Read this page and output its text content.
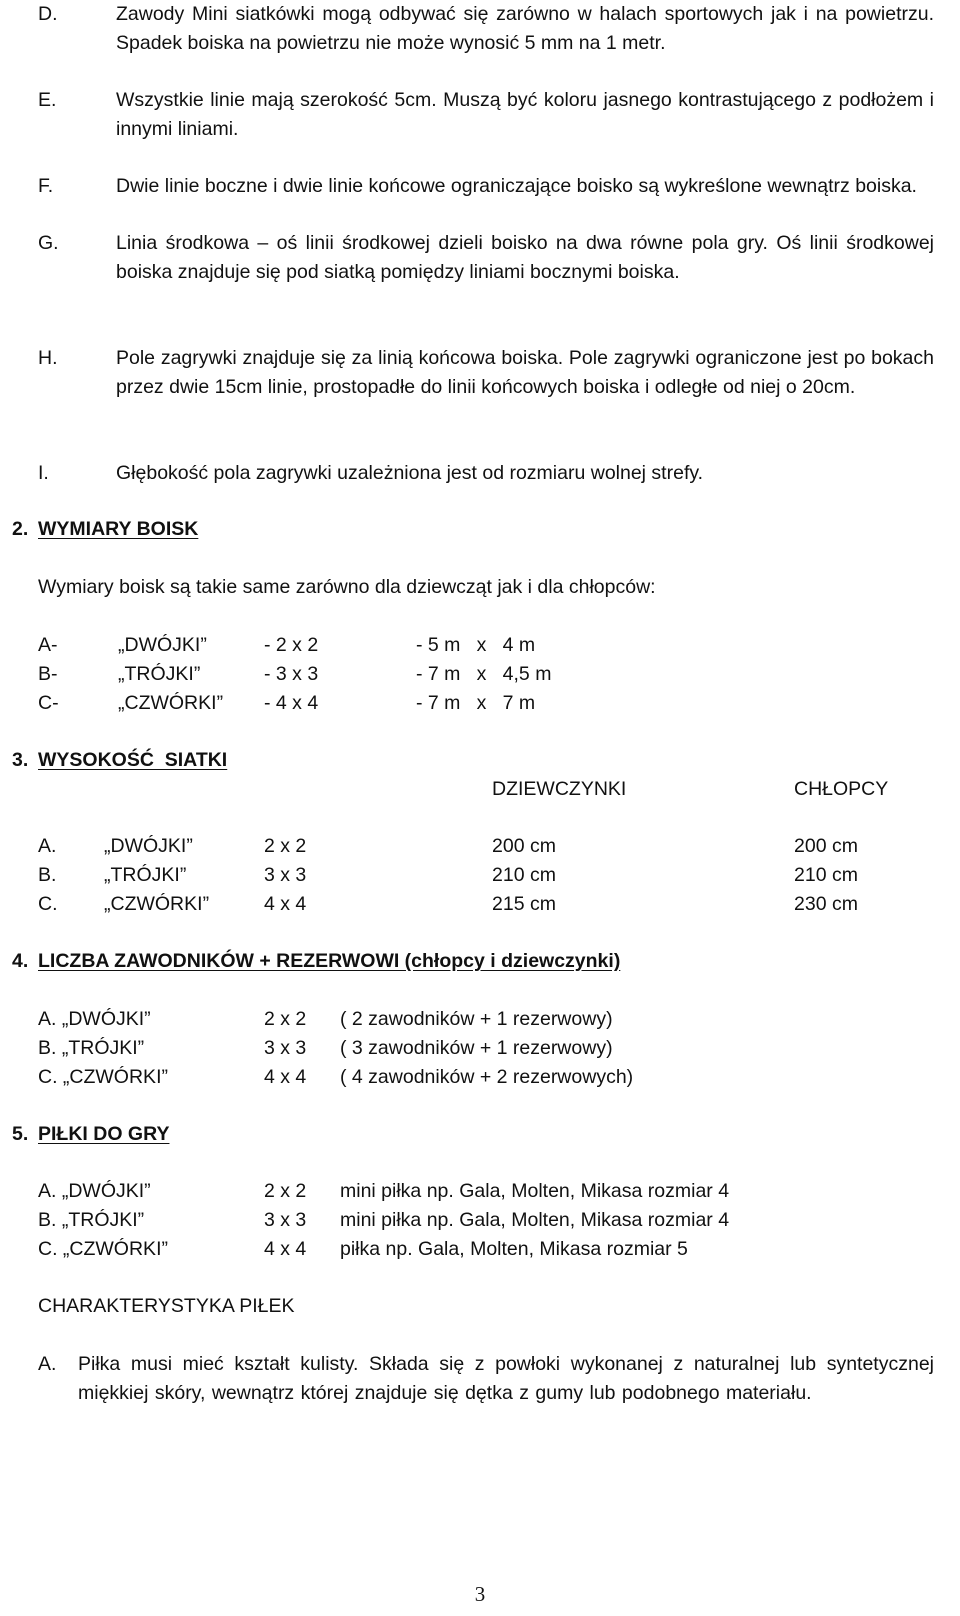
D.	Zawody Mini siatkówki mogą odbywać się zarówno w halach sportowych jak i na powietrzu. Spadek boiska na powietrzu nie może wynosić 5 mm na 1 metr.
E.	Wszystkie linie mają szerokość 5cm. Muszą być koloru jasnego kontrastującego z podłożem i innymi liniami.
F.	Dwie linie boczne i dwie linie końcowe ograniczające boisko są wykreślone wewnątrz boiska.
G.	Linia środkowa – oś linii środkowej dzieli boisko na dwa równe pola gry. Oś linii środkowej boiska znajduje się pod siatką pomiędzy liniami bocznymi boiska.
H.	Pole zagrywki znajduje się za linią końcowa boiska. Pole zagrywki ograniczone jest po bokach przez dwie 15cm linie, prostopadłe do linii końcowych boiska i odległe od niej o 20cm.
I.	Głębokość pola zagrywki uzależniona jest od rozmiaru wolnej strefy.
2. WYMIARY BOISK
Wymiary boisk są takie same zarówno dla dziewcząt jak i dla chłopców:
A-	„DWÓJKI”	- 2 x 2	- 5 m   x   4 m
B-	„TRÓJKI”	- 3 x 3	- 7 m   x   4,5 m
C-	„CZWÓRKI” - 4 x 4	- 7 m   x   7 m
3. WYSOKOŚĆ  SIATKI
DZIEWCZYNKI	CHŁOPCY
A. „DWÓJKI”	2 x 2	200 cm	200 cm
B. „TRÓJKI”	3 x 3	210 cm	210 cm
C. „CZWÓRKI”	4 x 4	215 cm	230 cm
4. LICZBA ZAWODNIKÓW + REZERWOWI (chłopcy i dziewczynki)
A. „DWÓJKI”	2 x 2 ( 2 zawodników + 1 rezerwowy)
B. „TRÓJKI”	3 x 3 ( 3 zawodników + 1 rezerwowy)
C. „CZWÓRKI”	4 x 4 ( 4 zawodników + 2 rezerwowych)
5. PIŁKI DO GRY
A. „DWÓJKI”	2 x 2 mini piłka np. Gala, Molten, Mikasa rozmiar 4
B. „TRÓJKI”	3 x 3 mini piłka np. Gala, Molten, Mikasa rozmiar 4
C. „CZWÓRKI”	4 x 4 piłka np. Gala, Molten, Mikasa rozmiar 5
CHARAKTERYSTYKA PIŁEK
A. Piłka musi mieć kształt kulisty. Składa się z powłoki wykonanej z naturalnej lub syntetycznej miękkiej skóry, wewnątrz której znajduje się dętka z gumy lub podobnego materiału.
3
